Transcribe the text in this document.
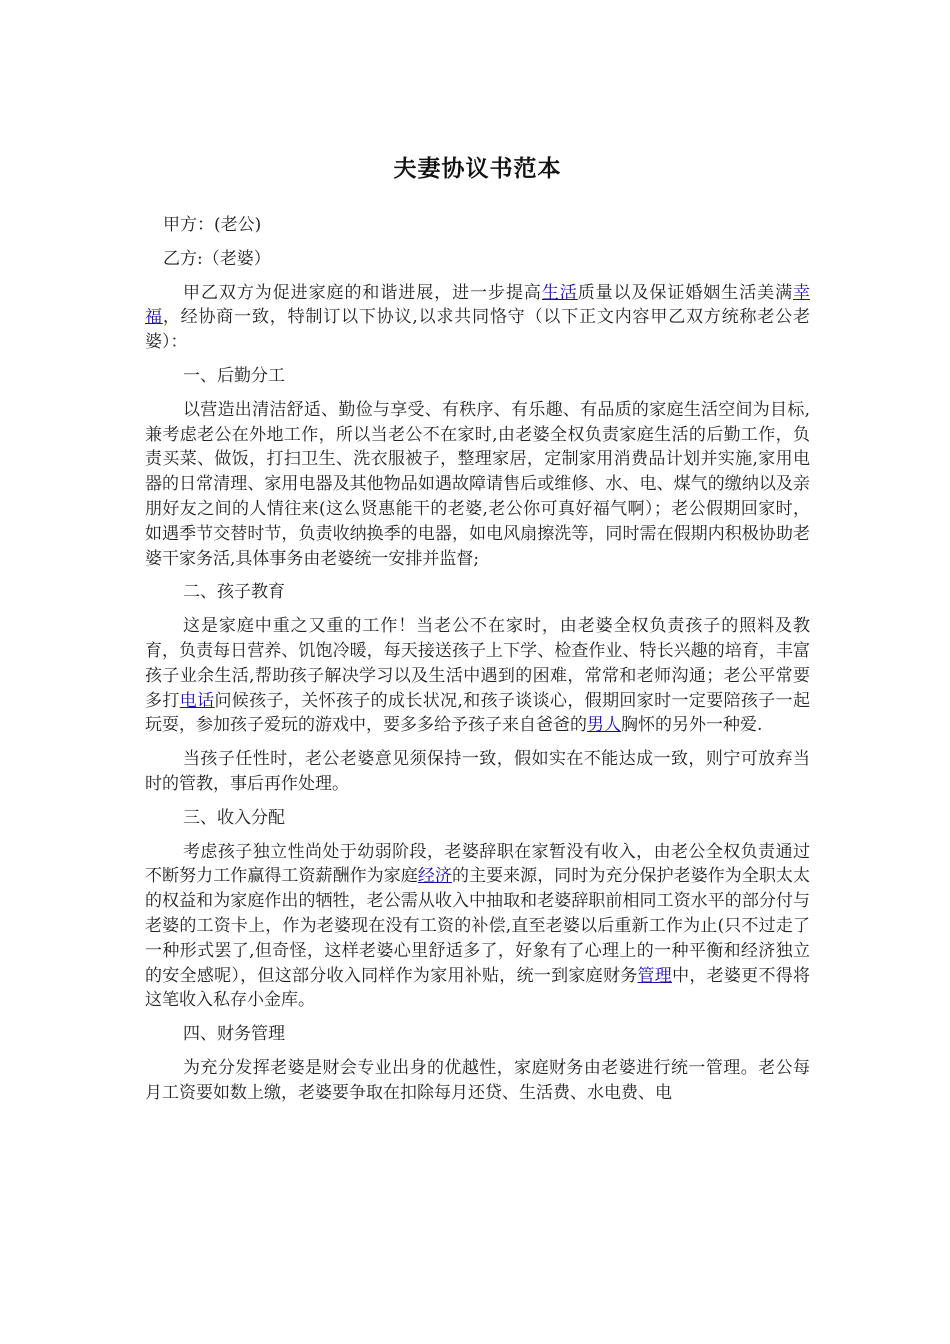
夫妻协议书范本

甲方：(老公)

乙方:（老婆）

甲乙双方为促进家庭的和谐进展，进一步提高生活质量以及保证婚姻生活美满幸福，经协商一致，特制订以下协议,以求共同恪守（以下正文内容甲乙双方统称老公老婆）：

一、后勤分工

以营造出清洁舒适、勤俭与享受、有秩序、有乐趣、有品质的家庭生活空间为目标,兼考虑老公在外地工作，所以当老公不在家时,由老婆全权负责家庭生活的后勤工作，负责买菜、做饭，打扫卫生、洗衣服被子，整理家居，定制家用消费品计划并实施,家用电器的日常清理、家用电器及其他物品如遇故障请售后或维修、水、电、煤气的缴纳以及亲朋好友之间的人情往来(这么贤惠能干的老婆,老公你可真好福气啊）；老公假期回家时，如遇季节交替时节，负责收纳换季的电器，如电风扇擦洗等，同时需在假期内积极协助老婆干家务活,具体事务由老婆统一安排并监督;

二、孩子教育

这是家庭中重之又重的工作！当老公不在家时，由老婆全权负责孩子的照料及教育，负责每日营养、饥饱冷暖，每天接送孩子上下学、检查作业、特长兴趣的培育，丰富孩子业余生活,帮助孩子解决学习以及生活中遇到的困难，常常和老师沟通；老公平常要多打电话问候孩子，关怀孩子的成长状况,和孩子谈谈心，假期回家时一定要陪孩子一起玩耍，参加孩子爱玩的游戏中，要多多给予孩子来自爸爸的男人胸怀的另外一种爱.

当孩子任性时，老公老婆意见须保持一致，假如实在不能达成一致，则宁可放弃当时的管教，事后再作处理。

三、收入分配

考虑孩子独立性尚处于幼弱阶段，老婆辞职在家暂没有收入，由老公全权负责通过不断努力工作赢得工资薪酬作为家庭经济的主要来源，同时为充分保护老婆作为全职太太的权益和为家庭作出的牺牲，老公需从收入中抽取和老婆辞职前相同工资水平的部分付与老婆的工资卡上，作为老婆现在没有工资的补偿,直至老婆以后重新工作为止(只不过走了一种形式罢了,但奇怪，这样老婆心里舒适多了，好象有了心理上的一种平衡和经济独立的安全感呢），但这部分收入同样作为家用补贴，统一到家庭财务管理中，老婆更不得将这笔收入私存小金库。

四、财务管理

为充分发挥老婆是财会专业出身的优越性，家庭财务由老婆进行统一管理。老公每月工资要如数上缴，老婆要争取在扣除每月还贷、生活费、水电费、电
